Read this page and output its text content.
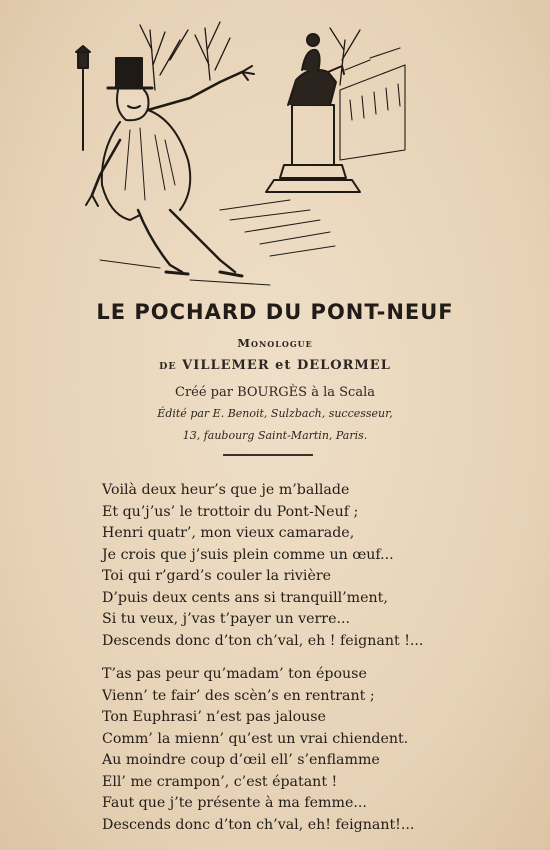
LE POCHARD DU PONT-NEUF
Monologue
DE VILLEMER et DELORMEL
Créé par BOURGÈS à la Scala
Édité par E. Benoit, Sulzbach, successeur,
13, faubourg Saint-Martin, Paris.
Voilà deux heur’s que je m’ballade
Et qu’j’us’ le trottoir du Pont-Neuf ;
Henri quatr’, mon vieux camarade,
Je crois que j’suis plein comme un œuf...
Toi qui r’gard’s couler la rivière
D’puis deux cents ans si tranquill’ment,
Si tu veux, j’vas t’payer un verre...
Descends donc d’ton ch’val, eh ! feignant !...
T’as pas peur qu’madam’ ton épouse
Vienn’ te fair’ des scèn’s en rentrant ;
Ton Euphrasi’ n’est pas jalouse
Comm’ la mienn’ qu’est un vrai chiendent.
Au moindre coup d’œil ell’ s’enflamme
Ell’ me crampon’, c’est épatant !
Faut que j’te présente à ma femme...
Descends donc d’ton ch’val, eh! feignant!...
